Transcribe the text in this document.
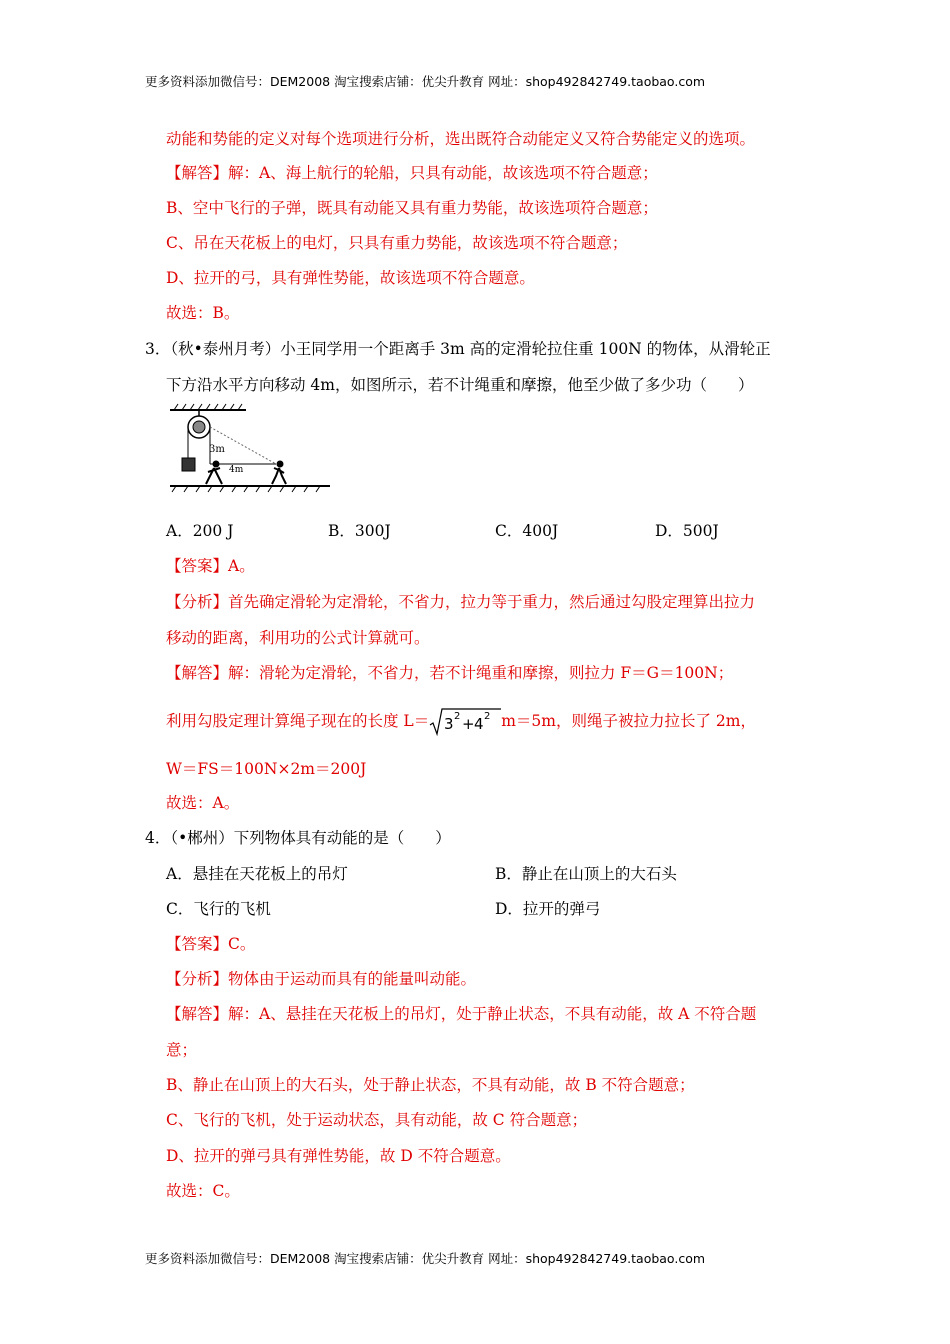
更多资料添加微信号：DEM2008 淘宝搜索店铺：优尖升教育 网址：shop492842749.taobao.com
动能和势能的定义对每个选项进行分析，选出既符合动能定义又符合势能定义的选项。
【解答】解：A、海上航行的轮船，只具有动能，故该选项不符合题意；
B、空中飞行的子弹，既具有动能又具有重力势能，故该选项符合题意；
C、吊在天花板上的电灯，只具有重力势能，故该选项不符合题意；
D、拉开的弓，具有弹性势能，故该选项不符合题意。
故选：B。
3．（秋•泰州月考）小王同学用一个距离手 3m 高的定滑轮拉住重 100N 的物体，从滑轮正
下方沿水平方向移动 4m，如图所示，若不计绳重和摩擦，他至少做了多少功（　　）
3m
4m
A．200 J	B．300J	C．400J	D．500J
【答案】A。
【分析】首先确定滑轮为定滑轮，不省力，拉力等于重力，然后通过勾股定理算出拉力
移动的距离，利用功的公式计算就可。
【解答】解：滑轮为定滑轮，不省力，若不计绳重和摩擦，则拉力 F＝G＝100N；
利用勾股定理计算绳子现在的长度 L＝ 3 2 + 4 2 m＝5m，则绳子被拉力拉长了 2m，
W＝FS＝100N×2m＝200J
故选：A。
4．（•郴州）下列物体具有动能的是（　　）
A．悬挂在天花板上的吊灯	B．静止在山顶上的大石头
C．飞行的飞机	D．拉开的弹弓
【答案】C。
【分析】物体由于运动而具有的能量叫动能。
【解答】解：A、悬挂在天花板上的吊灯，处于静止状态，不具有动能，故 A 不符合题
意；
B、静止在山顶上的大石头，处于静止状态，不具有动能，故 B 不符合题意；
C、飞行的飞机，处于运动状态，具有动能，故 C 符合题意；
D、拉开的弹弓具有弹性势能，故 D 不符合题意。
故选：C。
更多资料添加微信号：DEM2008 淘宝搜索店铺：优尖升教育 网址：shop492842749.taobao.com
